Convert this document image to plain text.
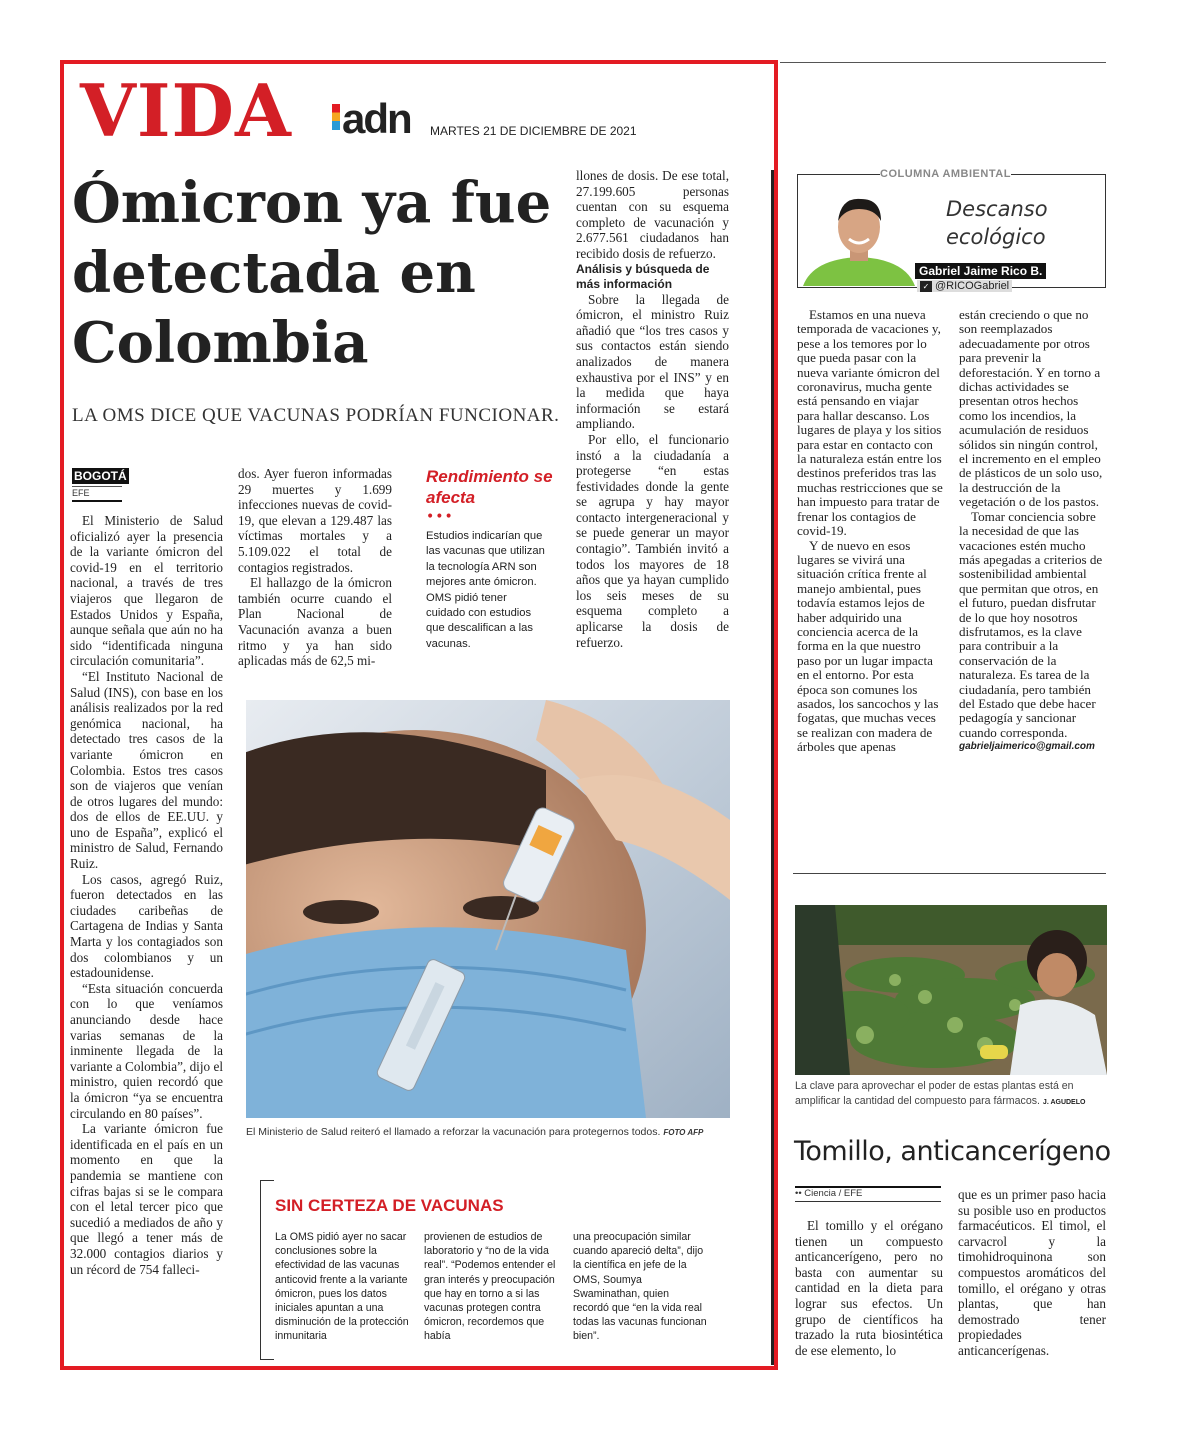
VIDA adn MARTES 21 DE DICIEMBRE DE 2021
Ómicron ya fue detectada en Colombia
LA OMS DICE QUE VACUNAS PODRÍAN FUNCIONAR.
BOGOTÁ
EFE

El Ministerio de Salud oficializó ayer la presencia de la variante ómicron del covid-19 en el territorio nacional, a través de tres viajeros que llegaron de Estados Unidos y España, aunque señala que aún no ha sido “identificada ninguna circulación comunitaria”.

“El Instituto Nacional de Salud (INS), con base en los análisis realizados por la red genómica nacional, ha detectado tres casos de la variante ómicron en Colombia. Estos tres casos son de viajeros que venían de otros lugares del mundo: dos de ellos de EE.UU. y uno de España”, explicó el ministro de Salud, Fernando Ruiz.

Los casos, agregó Ruiz, fueron detectados en las ciudades caribeñas de Cartagena de Indias y Santa Marta y los contagiados son dos colombianos y un estadounidense.

“Esta situación concuerda con lo que veníamos anunciando desde hace varias semanas de la inminente llegada de la variante a Colombia”, dijo el ministro, quien recordó que la ómicron “ya se encuentra circulando en 80 países”.

La variante ómicron fue identificada en el país en un momento en que la pandemia se mantiene con cifras bajas si se le compara con el letal tercer pico que sucedió a mediados de año y que llegó a tener más de 32.000 contagios diarios y un récord de 754 falleci-

dos. Ayer fueron informadas 29 muertes y 1.699 infecciones nuevas de covid-19, que elevan a 129.487 las víctimas mortales y a 5.109.022 el total de contagios registrados.

El hallazgo de la ómicron también ocurre cuando el Plan Nacional de Vacunación avanza a buen ritmo y ya han sido aplicadas más de 62,5 mi-

Rendimiento se afecta
•••
Estudios indicarían que las vacunas que utilizan la tecnología ARN son mejores ante ómicron. OMS pidió tener cuidado con estudios que descalifican a las vacunas.

llones de dosis. De ese total, 27.199.605 personas cuentan con su esquema completo de vacunación y 2.677.561 ciudadanos han recibido dosis de refuerzo.

Análisis y búsqueda de más información

Sobre la llegada de ómicron, el ministro Ruiz añadió que “los tres casos y sus contactos están siendo analizados de manera exhaustiva por el INS” y en la medida que haya información se estará ampliando.

Por ello, el funcionario instó a la ciudadanía a protegerse “en estas festividades donde la gente se agrupa y hay mayor contacto intergeneracional y se puede generar un mayor contagio”. También invitó a todos los mayores de 18 años que ya hayan cumplido los seis meses de su esquema completo a aplicarse la dosis de refuerzo.

El Ministerio de Salud reiteró el llamado a reforzar la vacunación para protegernos todos. FOTO AFP
SIN CERTEZA DE VACUNAS
La OMS pidió ayer no sacar conclusiones sobre la efectividad de las vacunas anticovid frente a la variante ómicron, pues los datos iniciales apuntan a una disminución de la protección inmunitaria
provienen de estudios de laboratorio y “no de la vida real”. “Podemos entender el gran interés y preocupación que hay en torno a si las vacunas protegen contra ómicron, recordemos que había
una preocupación similar cuando apareció delta”, dijo la científica en jefe de la OMS, Soumya Swaminathan, quien recordó que “en la vida real todas las vacunas funcionan bien”.
COLUMNA AMBIENTAL
Descanso ecológico
Gabriel Jaime Rico B.
✓ @RICOGabriel

Estamos en una nueva temporada de vacaciones y, pese a los temores por lo que pueda pasar con la nueva variante ómicron del coronavirus, mucha gente está pensando en viajar para hallar descanso. Los lugares de playa y los sitios para estar en contacto con la naturaleza están entre los destinos preferidos tras las muchas restricciones que se han impuesto para tratar de frenar los contagios de covid-19.

Y de nuevo en esos lugares se vivirá una situación crítica frente al manejo ambiental, pues todavía estamos lejos de haber adquirido una conciencia acerca de la forma en la que nuestro paso por un lugar impacta en el entorno. Por esta época son comunes los asados, los sancochos y las fogatas, que muchas veces se realizan con madera de árboles que apenas

están creciendo o que no son reemplazados adecuadamente por otros para prevenir la deforestación. Y en torno a dichas actividades se presentan otros hechos como los incendios, la acumulación de residuos sólidos sin ningún control, el incremento en el empleo de plásticos de un solo uso, la destrucción de la vegetación o de los pastos.

Tomar conciencia sobre la necesidad de que las vacaciones estén mucho más apegadas a criterios de sostenibilidad ambiental que permitan que otros, en el futuro, puedan disfrutar de lo que hoy nosotros disfrutamos, es la clave para contribuir a la conservación de la naturaleza. Es tarea de la ciudadanía, pero también del Estado que debe hacer pedagogía y sancionar cuando corresponda.

gabrieljaimerico@gmail.com
La clave para aprovechar el poder de estas plantas está en amplificar la cantidad del compuesto para fármacos. J. AGUDELO
Tomillo, anticancerígeno
•• Ciencia / EFE

El tomillo y el orégano tienen un compuesto anticancerígeno, pero no basta con aumentar su cantidad en la dieta para lograr sus efectos. Un grupo de científicos ha trazado la ruta biosintética de ese elemento, lo

que es un primer paso hacia su posible uso en productos farmacéuticos. El timol, el carvacrol y la timohidroquinona son compuestos aromáticos del tomillo, el orégano y otras plantas, que han demostrado tener propiedades anticancerígenas.
